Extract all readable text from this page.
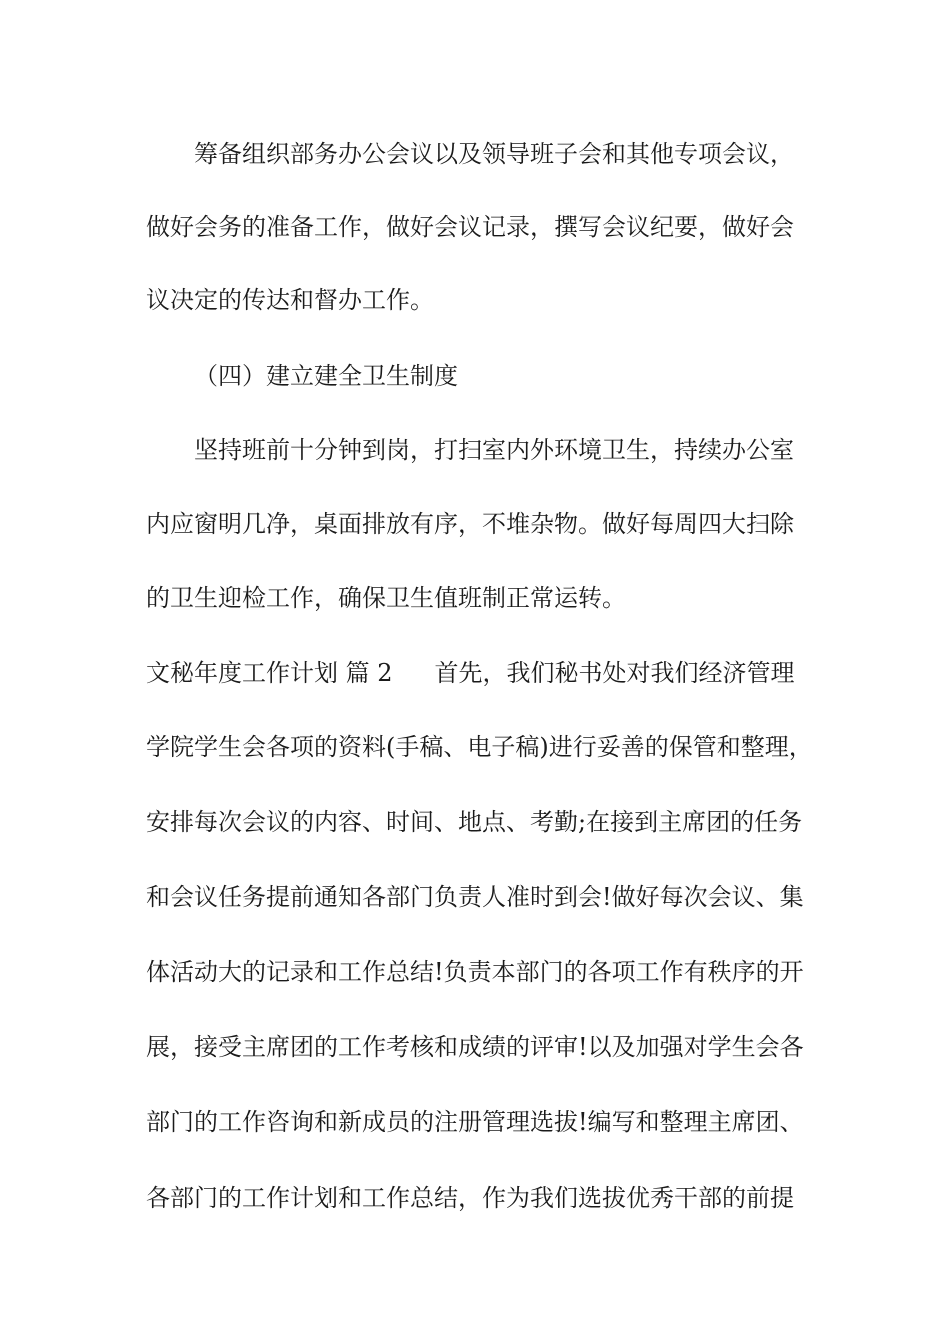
筹备组织部务办公会议以及领导班子会和其他专项会议，

做好会务的准备工作，做好会议记录，撰写会议纪要，做好会

议决定的传达和督办工作。

（四）建立建全卫生制度

坚持班前十分钟到岗，打扫室内外环境卫生，持续办公室

内应窗明几净，桌面排放有序，不堆杂物。做好每周四大扫除

的卫生迎检工作，确保卫生值班制正常运转。

文秘年度工作计划 篇 2 首先，我们秘书处对我们经济管理

学院学生会各项的资料(手稿、电子稿)进行妥善的保管和整理，

安排每次会议的内容、时间、地点、考勤;在接到主席团的任务

和会议任务提前通知各部门负责人准时到会!做好每次会议、集

体活动大的记录和工作总结!负责本部门的各项工作有秩序的开

展，接受主席团的工作考核和成绩的评审!以及加强对学生会各

部门的工作咨询和新成员的注册管理选拔!编写和整理主席团、

各部门的工作计划和工作总结，作为我们选拔优秀干部的前提
